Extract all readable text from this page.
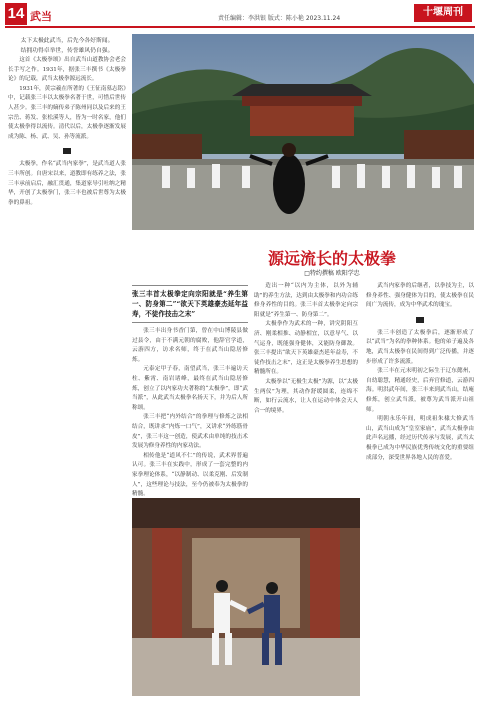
14 武当	责任编辑：李洪银 版式：陈小艳 2023.11.24
十堰周刊

太下太极此武当，后先今各好斯闻。

结拥功得卓举世，传誉雄风仍自强。

这首《太极拳颂》出自武当山道教协会老会长手写之作。1931年，据张三丰撰书《太极拳论》的记载，武当太极拳源远流长。

1931年，黄宗羲在所著的《王征南墓志铭》中，记载张三丰以太极拳名著于世，可惜后世传人甚少。张三丰的嫡传弟子陈州同以及后来的王宗岳、蒋发、张松溪等人，皆为一时名家，他们使太极拳得以流传。清代以后，太极拳逐渐发展成为陈、杨、武、吴、孙等流派。

太极拳，作名“武当内家拳”，是武当道人张三丰所创。自唐宋以来，道教即有练养之法，张三丰承前启后，融汇贯通，集道家导引吐纳之精华，开创了太极拳门，张三丰也被后世尊为太极拳的鼻祖。

源远流长的太极拳
□特约撰稿 欧阳学忠
张三丰首太极拳定向宗阳就是“养生第一、防身第二”“欲天下英雄豪杰延年益寿，不徒作技击之末”

张三丰出身书香门第，曾在中山博陵县做过县令，由于不满元朝的腐败，他辞官学道，云游四方，访求名师，终于在武当山隐居修炼。

元泰定甲子春，南望武当，张三丰遍访天柱、紫霄、南岩诸峰，最终在武当山隐居修炼，创立了以内家功夫著称的“太极拳”，即“武当派”，从此武当太极拳名扬天下，并为后人所称颂。

张三丰把“内外结合”的拳理与修炼之法相结合，既讲求“内炼一口气”，又讲求“外练筋骨皮”，张三丰这一创造，使武术由单纯的技击术发展为修身养性的内家功法。

相传他是“道风不仁”的传说，武术界普遍认可。张三丰在实践中，形成了一套完整的内家拳理论体系，“以静制动、以柔克刚、后发制人”，这些理论与技法，至今仍被奉为太极拳的精髓。

造出一种“以内为主体，以外为辅助”的养生方法，达到由太极拳和内功合练修身养性的目的。张三丰首太极拳定向宗阳就是“养生第一、防身第二”。

太极拳作为武术的一种，讲究阴阳互济、刚柔相推、动静相宜，以意导气、以气运身，既能强身健体，又能防身御敌。张三丰提出“欲天下英雄豪杰延年益寿，不徒作技击之末”，这正是太极拳养生思想的精髓所在。

太极拳以“无极生太极”为源，以“太极生两仪”为理，其动作舒缓圆柔，连绵不断，如行云流水，让人在运动中体会天人合一的境界。

武当内家拳的后继者，以拳技为主，以修身养性、强身健体为目的，使太极拳在民间广为流传，成为中华武术的瑰宝。

张三丰创造了太极拳后，逐渐形成了以“武当”为名的拳种体系。他的弟子遍及各地，武当太极拳在民间得到广泛传播，并逐步形成了许多流派。

张三丰在元末明初之际生于辽东懿州，自幼聪慧，精通经史，后弃官修道，云游四海。明洪武年间，张三丰来到武当山，结庵修炼，创立武当派，被尊为武当派开山祖师。

明朝永乐年间，明成祖朱棣大修武当山，武当山成为“皇室家庙”，武当太极拳由此声名远播，经过历代传承与发展，武当太极拳已成为中华民族优秀传统文化的重要组成部分，深受世界各地人民的喜爱。
